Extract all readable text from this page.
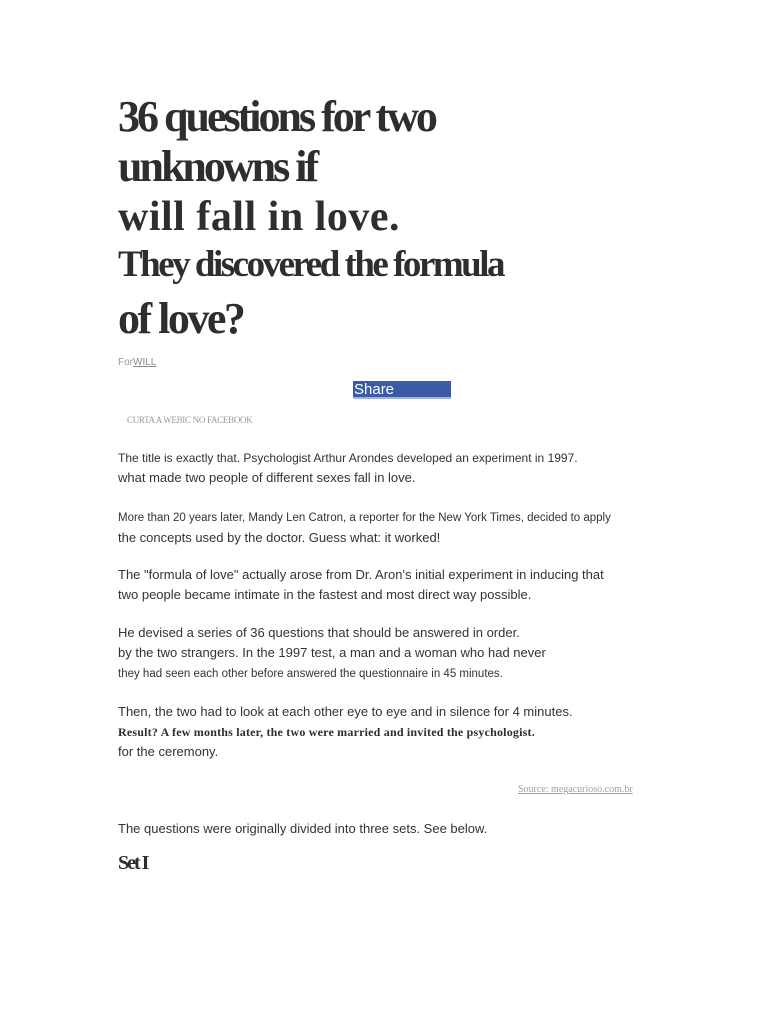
36 questions for two
unknowns if
will fall in love.
They discovered the formula
of love?
ForWILL
Share
CURTA A WEBIC NO FACEBOOK

The title is exactly that. Psychologist Arthur Arondes developed an experiment in 1997.
what made two people of different sexes fall in love.

More than 20 years later, Mandy Len Catron, a reporter for the New York Times, decided to apply
the concepts used by the doctor. Guess what: it worked!

The "formula of love" actually arose from Dr. Aron's initial experiment in inducing that
two people became intimate in the fastest and most direct way possible.

He devised a series of 36 questions that should be answered in order.
by the two strangers. In the 1997 test, a man and a woman who had never
they had seen each other before answered the questionnaire in 45 minutes.

Then, the two had to look at each other eye to eye and in silence for 4 minutes.
Result? A few months later, the two were married and invited the psychologist.
for the ceremony.

Source: megacurioso.com.br

The questions were originally divided into three sets. See below.

Set I
